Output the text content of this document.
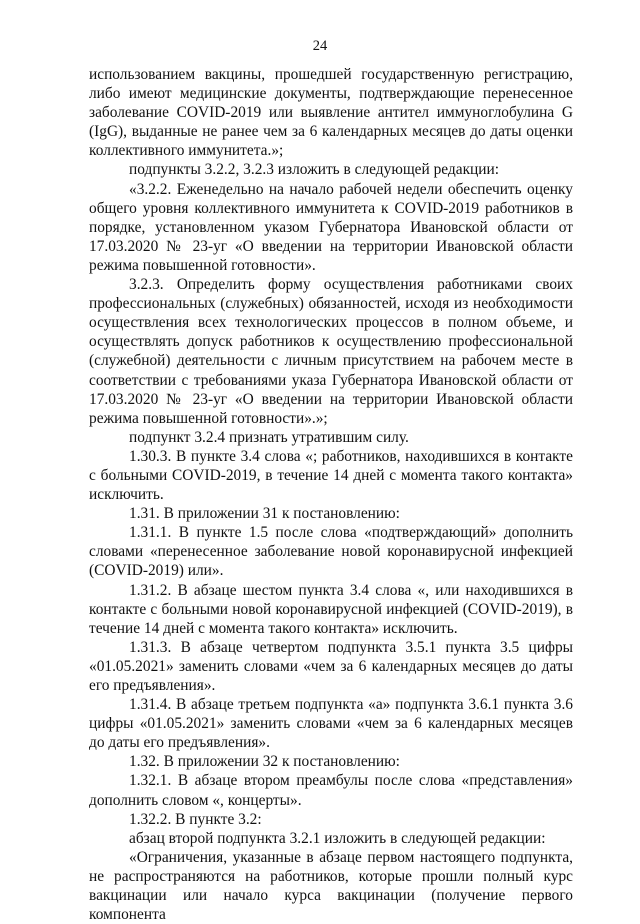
24

использованием вакцины, прошедшей государственную регистрацию, либо имеют медицинские документы, подтверждающие перенесенное заболевание COVID-2019 или выявление антител иммуноглобулина G (IgG), выданные не ранее чем за 6 календарных месяцев до даты оценки коллективного иммунитета.»;

подпункты 3.2.2, 3.2.3 изложить в следующей редакции:

«3.2.2. Еженедельно на начало рабочей недели обеспечить оценку общего уровня коллективного иммунитета к COVID-2019 работников в порядке, установленном указом Губернатора Ивановской области от 17.03.2020 № 23-уг «О введении на территории Ивановской области режима повышенной готовности».

3.2.3. Определить форму осуществления работниками своих профессиональных (служебных) обязанностей, исходя из необходимости осуществления всех технологических процессов в полном объеме, и осуществлять допуск работников к осуществлению профессиональной (служебной) деятельности с личным присутствием на рабочем месте в соответствии с требованиями указа Губернатора Ивановской области от 17.03.2020 № 23-уг «О введении на территории Ивановской области режима повышенной готовности».»;

подпункт 3.2.4 признать утратившим силу.

1.30.3. В пункте 3.4 слова «; работников, находившихся в контакте с больными COVID-2019, в течение 14 дней с момента такого контакта» исключить.

1.31. В приложении 31 к постановлению:

1.31.1. В пункте 1.5 после слова «подтверждающий» дополнить словами «перенесенное заболевание новой коронавирусной инфекцией (COVID-2019) или».

1.31.2. В абзаце шестом пункта 3.4 слова «, или находившихся в контакте с больными новой коронавирусной инфекцией (COVID-2019), в течение 14 дней с момента такого контакта» исключить.

1.31.3. В абзаце четвертом подпункта 3.5.1 пункта 3.5 цифры «01.05.2021» заменить словами «чем за 6 календарных месяцев до даты его предъявления».

1.31.4. В абзаце третьем подпункта «а» подпункта 3.6.1 пункта 3.6 цифры «01.05.2021» заменить словами «чем за 6 календарных месяцев до даты его предъявления».

1.32. В приложении 32 к постановлению:

1.32.1. В абзаце втором преамбулы после слова «представления» дополнить словом «, концерты».

1.32.2. В пункте 3.2:

абзац второй подпункта 3.2.1 изложить в следующей редакции:

«Ограничения, указанные в абзаце первом настоящего подпункта, не распространяются на работников, которые прошли полный курс вакцинации или начало курса вакцинации (получение первого компонента
